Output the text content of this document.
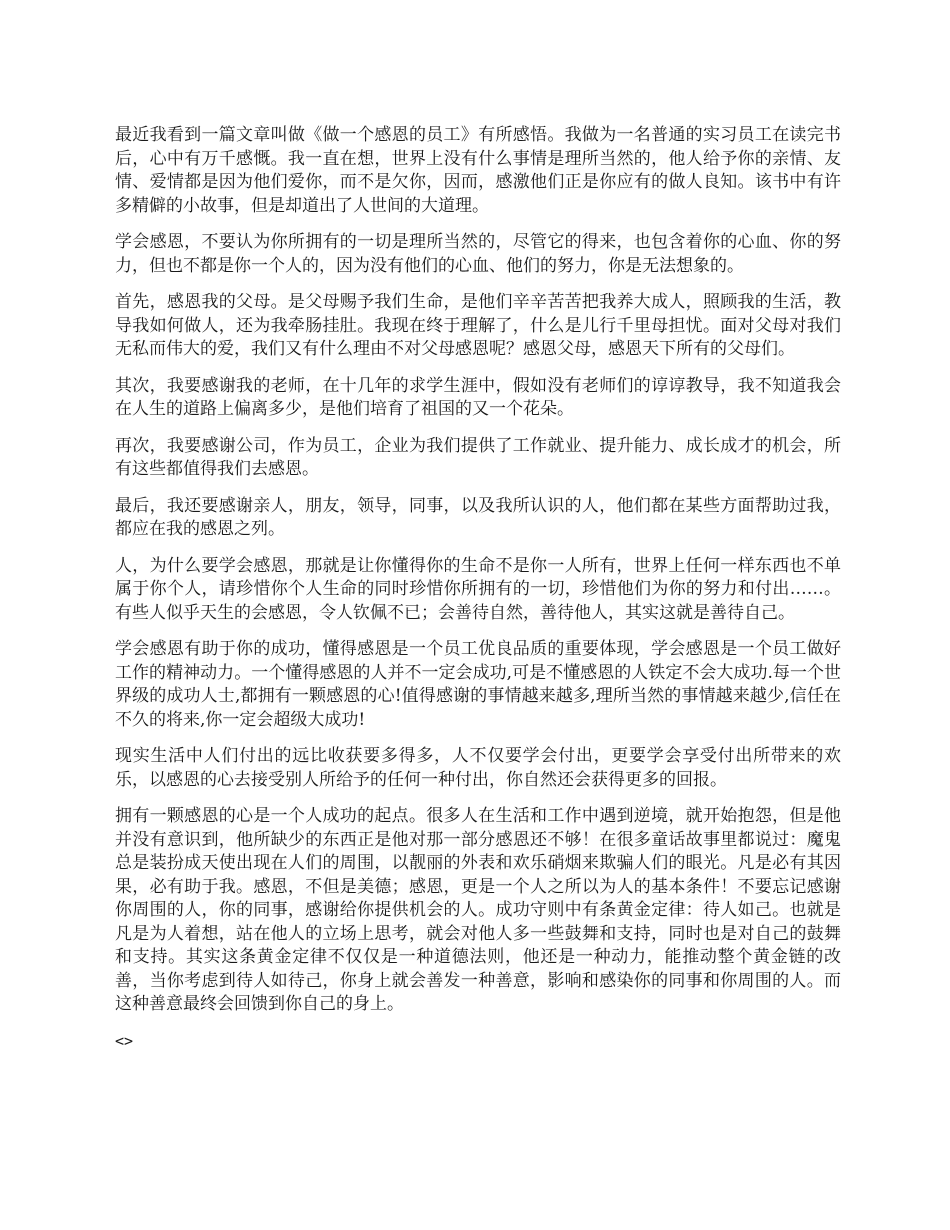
最近我看到一篇文章叫做《做一个感恩的员工》有所感悟。我做为一名普通的实习员工在读完书后，心中有万千感慨。我一直在想，世界上没有什么事情是理所当然的，他人给予你的亲情、友情、爱情都是因为他们爱你，而不是欠你，因而，感激他们正是你应有的做人良知。该书中有许多精僻的小故事，但是却道出了人世间的大道理。

学会感恩，不要认为你所拥有的一切是理所当然的，尽管它的得来，也包含着你的心血、你的努力，但也不都是你一个人的，因为没有他们的心血、他们的努力，你是无法想象的。

首先，感恩我的父母。是父母赐予我们生命，是他们辛辛苦苦把我养大成人，照顾我的生活，教导我如何做人，还为我牵肠挂肚。我现在终于理解了，什么是儿行千里母担忧。面对父母对我们无私而伟大的爱，我们又有什么理由不对父母感恩呢？感恩父母，感恩天下所有的父母们。

其次，我要感谢我的老师，在十几年的求学生涯中，假如没有老师们的谆谆教导，我不知道我会在人生的道路上偏离多少，是他们培育了祖国的又一个花朵。

再次，我要感谢公司，作为员工，企业为我们提供了工作就业、提升能力、成长成才的机会，所有这些都值得我们去感恩。

最后，我还要感谢亲人，朋友，领导，同事，以及我所认识的人，他们都在某些方面帮助过我，都应在我的感恩之列。

人，为什么要学会感恩，那就是让你懂得你的生命不是你一人所有，世界上任何一样东西也不单属于你个人，请珍惜你个人生命的同时珍惜你所拥有的一切，珍惜他们为你的努力和付出……。有些人似乎天生的会感恩，令人钦佩不已；会善待自然，善待他人，其实这就是善待自己。

学会感恩有助于你的成功，懂得感恩是一个员工优良品质的重要体现，学会感恩是一个员工做好工作的精神动力。一个懂得感恩的人并不一定会成功,可是不懂感恩的人铁定不会大成功.每一个世界级的成功人士,都拥有一颗感恩的心!值得感谢的事情越来越多,理所当然的事情越来越少,信任在不久的将来,你一定会超级大成功!

现实生活中人们付出的远比收获要多得多，人不仅要学会付出，更要学会享受付出所带来的欢乐，以感恩的心去接受别人所给予的任何一种付出，你自然还会获得更多的回报。

拥有一颗感恩的心是一个人成功的起点。很多人在生活和工作中遇到逆境，就开始抱怨，但是他并没有意识到，他所缺少的东西正是他对那一部分感恩还不够！在很多童话故事里都说过：魔鬼总是装扮成天使出现在人们的周围，以靓丽的外表和欢乐硝烟来欺骗人们的眼光。凡是必有其因果，必有助于我。感恩，不但是美德；感恩，更是一个人之所以为人的基本条件！不要忘记感谢你周围的人，你的同事，感谢给你提供机会的人。成功守则中有条黄金定律：待人如己。也就是凡是为人着想，站在他人的立场上思考，就会对他人多一些鼓舞和支持，同时也是对自己的鼓舞和支持。其实这条黄金定律不仅仅是一种道德法则，他还是一种动力，能推动整个黄金链的改善，当你考虑到待人如待己，你身上就会善发一种善意，影响和感染你的同事和你周围的人。而这种善意最终会回馈到你自己的身上。

<>
